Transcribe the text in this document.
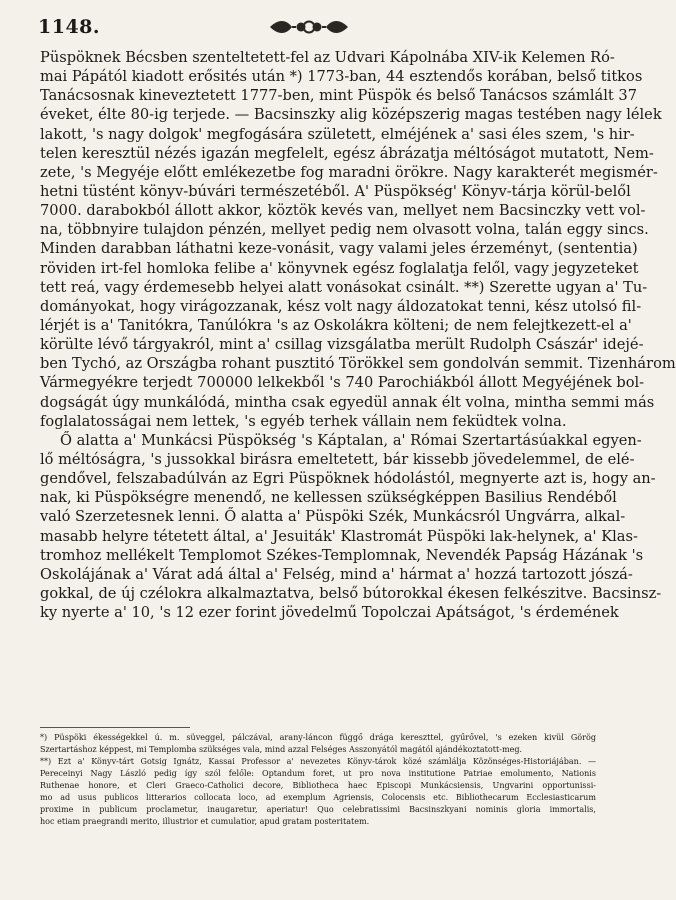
1148.
Püspöknek Bécsben szenteltetett-fel az Udvari Kápolnába XIV-ik Kelemen Ró-
mai Pápától kiadott erősités után *) 1773-ban, 44 esztendős korában, belső titkos
Tanácsosnak kineveztetett 1777-ben, mint Püspök és belső Tanácsos számlált 37
éveket, élte 80-ig terjede. — Bacsinszky alig középszerig magas testében nagy lélek
lakott, 's nagy dolgok' megfogására született, elméjének a' sasi éles szem, 's hir-
telen keresztül nézés igazán megfelelt, egész ábrázatja méltóságot mutatott, Nem-
zete, 's Megyéje előtt emlékezetbe fog maradni örökre. Nagy karakterét megismér-
hetni tüstént könyv-búvári természetéből. A' Püspökség' Könyv-tárja körül-belől
7000. darabokból állott akkor, köztök kevés van, mellyet nem Bacsinczky vett vol-
na, többnyire tulajdon pénzén, mellyet pedig nem olvasott volna, talán eggy sincs.
Minden darabban láthatni keze-vonásit, vagy valami jeles érzeményt, (sententia)
röviden irt-fel homloka felibe a' könyvnek egész foglalatja felől, vagy jegyzeteket
tett reá, vagy érdemesebb helyei alatt vonásokat csinált. **) Szerette ugyan a' Tu-
dományokat, hogy virágozzanak, kész volt nagy áldozatokat tenni, kész utolsó fil-
lérjét is a' Tanitókra, Tanúlókra 's az Oskolákra költeni; de nem felejtkezett-el a'
körülte lévő tárgyakról, mint a' csillag vizsgálatba merült Rudolph Császár' idejé-
ben Tychó, az Országba rohant pusztitó Törökkel sem gondolván semmit. Tizenhárom
Vármegyékre terjedt 700000 lelkekből 's 740 Parochiákból állott Megyéjének bol-
dogságát úgy munkálódá, mintha csak egyedül annak élt volna, mintha semmi más
foglalatosságai nem lettek, 's egyéb terhek vállain nem feküdtek volna.
Ő alatta a' Munkácsi Püspökség 's Káptalan, a' Római Szertartásúakkal egyen-
lő méltóságra, 's jussokkal birásra emeltetett, bár kissebb jövedelemmel, de elé-
gendővel, felszabadúlván az Egri Püspöknek hódolástól, megnyerte azt is, hogy an-
nak, ki Püspökségre menendő, ne kellessen szükségképpen Basilius Rendéből
való Szerzetesnek lenni. Ő alatta a' Püspöki Szék, Munkácsról Ungvárra, alkal-
masabb helyre tétetett által, a' Jesuiták' Klastromát Püspöki lak-helynek, a' Klas-
tromhoz mellékelt Templomot Székes-Templomnak, Nevendék Papság Házának 's
Oskolájának a' Várat adá által a' Felség, mind a' hármat a' hozzá tartozott jószá-
gokkal, de új czélokra alkalmaztatva, belső bútorokkal ékesen felkészitve. Bacsinsz-
ky nyerte a' 10, 's 12 ezer forint jövedelmű Topolczai Apátságot, 's érdemének
*) Püspöki ékességekkel ú. m. süveggel, pálczával, arany-láncon függő drága kereszttel, gyűrővel, 's ezeken kivül Görög
Szertartáshoz képpest, mi Templomba szükséges vala, mind azzal Felséges Asszonyától magától ajándékoztatott-meg.
**) Ezt a' Könyv-tárt Gotsig Ignátz, Kassai Professor a' nevezetes Könyv-tárok közé számlálja Közönséges-Historiájában. —
Pereceinyi Nagy László pedig így szól felőle: Optandum foret, ut pro nova institutione Patriae emolumento, Nationis
Ruthenae honore, et Cleri Graeco-Catholici decore, Bibliotheca haec Episcopi Munkácsiensis, Ungvarini opportunissi-
mo ad usus publicos litterarios collocata loco, ad exemplum Agriensis, Colocensis etc. Bibliothecarum Ecclesiasticarum
proxime in publicum proclametur, inaugaretur, aperiatur! Quo celebratissimi Bacsinszkyani nominis gloria immortalis,
hoc etiam praegrandi merito, illustrior et cumulatior, apud gratam posteritatem.
